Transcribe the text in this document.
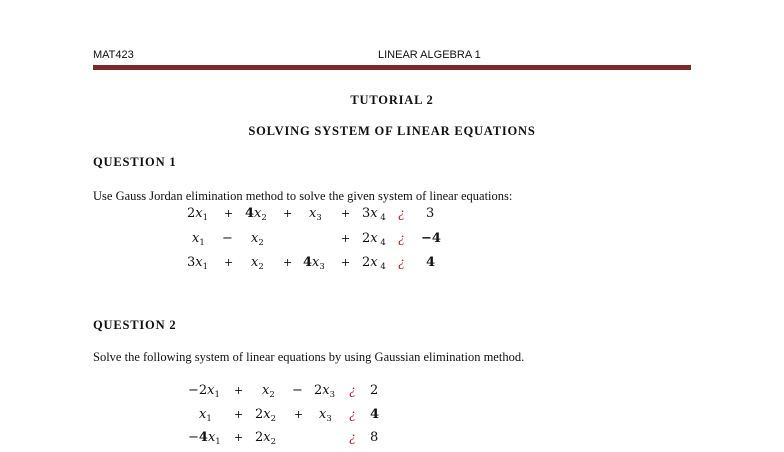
MAT423	LINEAR ALGEBRA 1
TUTORIAL 2
SOLVING SYSTEM OF LINEAR EQUATIONS
QUESTION 1
Use Gauss Jordan elimination method to solve the given system of linear equations:
$2x_1 + 4x_2 + x_3 + 3x$ $_4$ ¿ 3
$x_1 - x_2$	+ 2x $_4$ ¿ −4
$3x_1 + x_2 + 4x_3 + 2x$ $_4$ ¿ 4
QUESTION 2
Solve the following system of linear equations by using Gaussian elimination method.
$-2x_1 + x_2 - 2x_3$ ¿ 2
$x_1 + 2x_2 + x_3$ ¿ 4
$-4x_1 + 2x_2$	¿ 8
